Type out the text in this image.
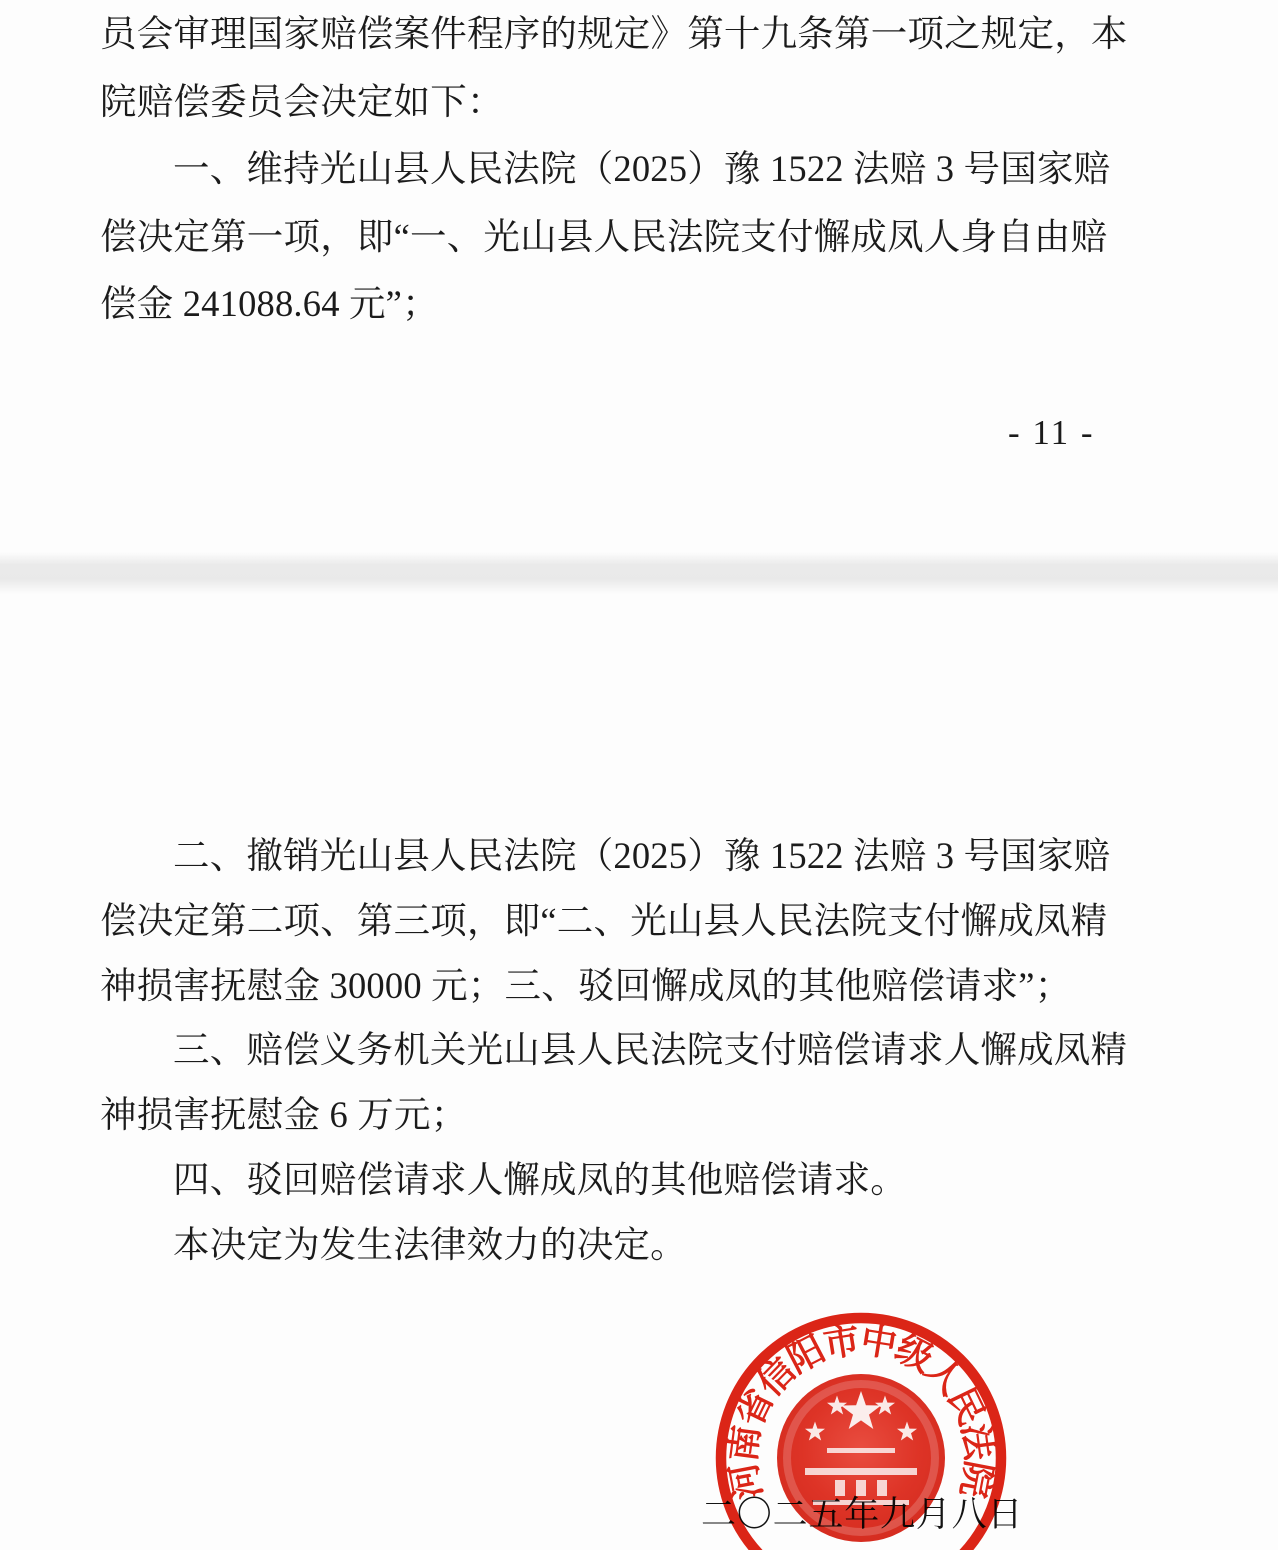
员会审理国家赔偿案件程序的规定》第十九条第一项之规定，本
院赔偿委员会决定如下：
一、维持光山县人民法院（2025）豫 1522 法赔 3 号国家赔
偿决定第一项，即“一、光山县人民法院支付懈成凤人身自由赔
偿金 241088.64 元”；
- 11 -
二、撤销光山县人民法院（2025）豫 1522 法赔 3 号国家赔
偿决定第二项、第三项，即“二、光山县人民法院支付懈成凤精
神损害抚慰金 30000 元；三、驳回懈成凤的其他赔偿请求”；
三、赔偿义务机关光山县人民法院支付赔偿请求人懈成凤精
神损害抚慰金 6 万元；
四、驳回赔偿请求人懈成凤的其他赔偿请求。
本决定为发生法律效力的决定。
二〇二五年九月八日
河南省信阳市中级人民法院
